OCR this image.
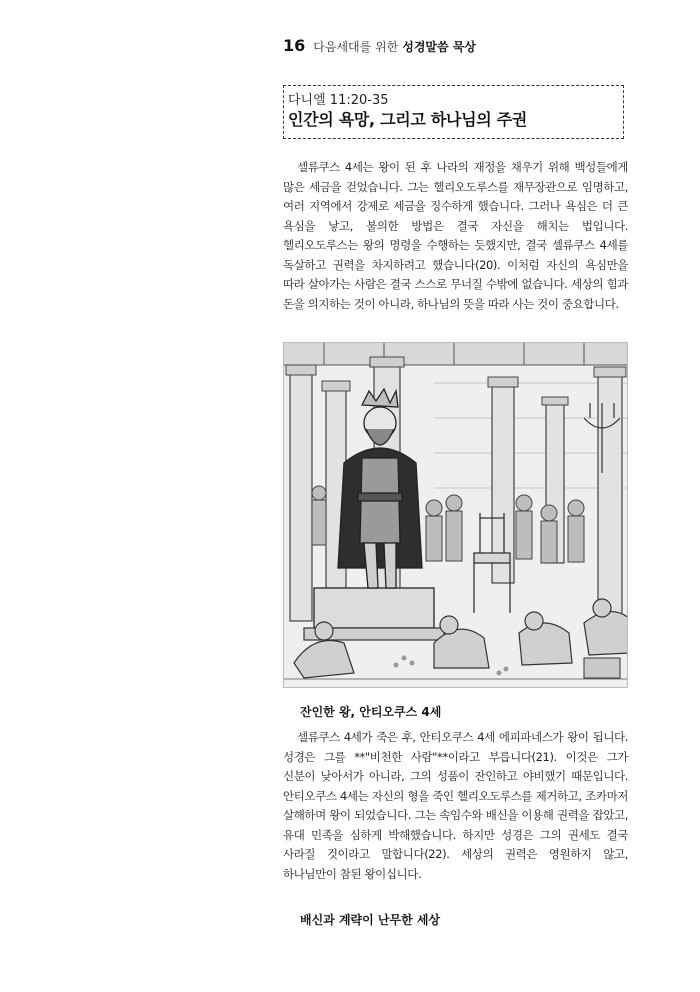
16 다음세대를 위한 성경말씀 묵상
다니엘 11:20-35
인간의 욕망, 그리고 하나님의 주권

셀류쿠스 4세는 왕이 된 후 나라의 재정을 채우기 위해 백성들에게 많은 세금을 걷었습니다. 그는 헬리오도루스를 재무장관으로 임명하고, 여러 지역에서 강제로 세금을 징수하게 했습니다. 그러나 욕심은 더 큰 욕심을 낳고, 불의한 방법은 결국 자신을 해치는 법입니다. 헬리오도루스는 왕의 명령을 수행하는 듯했지만, 결국 셀류쿠스 4세를 독살하고 권력을 차지하려고 했습니다(20). 이처럼 자신의 욕심만을 따라 살아가는 사람은 결국 스스로 무너질 수밖에 없습니다. 세상의 힘과 돈을 의지하는 것이 아니라, 하나님의 뜻을 따라 사는 것이 중요합니다.

잔인한 왕, 안티오쿠스 4세

셀류쿠스 4세가 죽은 후, 안티오쿠스 4세 에피파네스가 왕이 됩니다. 성경은 그를 **"비천한 사람"**이라고 부릅니다(21). 이것은 그가 신분이 낮아서가 아니라, 그의 성품이 잔인하고 야비했기 때문입니다. 안티오쿠스 4세는 자신의 형을 죽인 헬리오도루스를 제거하고, 조카마저 살해하며 왕이 되었습니다. 그는 속임수와 배신을 이용해 권력을 잡았고, 유대 민족을 심하게 박해했습니다. 하지만 성경은 그의 권세도 결국 사라질 것이라고 말합니다(22). 세상의 권력은 영원하지 않고, 하나님만이 참된 왕이십니다.

배신과 계략이 난무한 세상
